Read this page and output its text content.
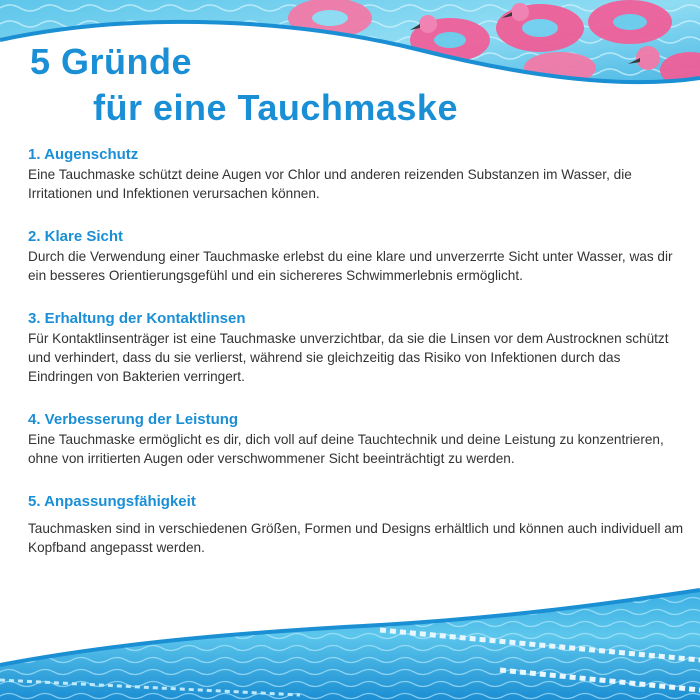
5 Gründe
für eine Tauchmaske
1. Augenschutz
Eine Tauchmaske schützt deine Augen vor Chlor und anderen reizenden Substanzen im Wasser, die Irritationen und Infektionen verursachen können.
2. Klare Sicht
Durch die Verwendung einer Tauchmaske erlebst du eine klare und unverzerrte Sicht unter Wasser, was dir ein besseres Orientierungsgefühl und ein sichereres Schwimmerlebnis ermöglicht.
3. Erhaltung der Kontaktlinsen
Für Kontaktlinsenträger ist eine Tauchmaske unverzichtbar, da sie die Linsen vor dem Austrocknen schützt und verhindert, dass du sie verlierst, während sie gleichzeitig das Risiko von Infektionen durch das Eindringen von Bakterien verringert.
4. Verbesserung der Leistung
Eine Tauchmaske ermöglicht es dir, dich voll auf deine Tauchtechnik und deine Leistung zu konzentrieren, ohne von irritierten Augen oder verschwommener Sicht beeinträchtigt zu werden.
5. Anpassungsfähigkeit
Tauchmasken sind in verschiedenen Größen, Formen und Designs erhältlich und können auch individuell am Kopfband angepasst werden.
